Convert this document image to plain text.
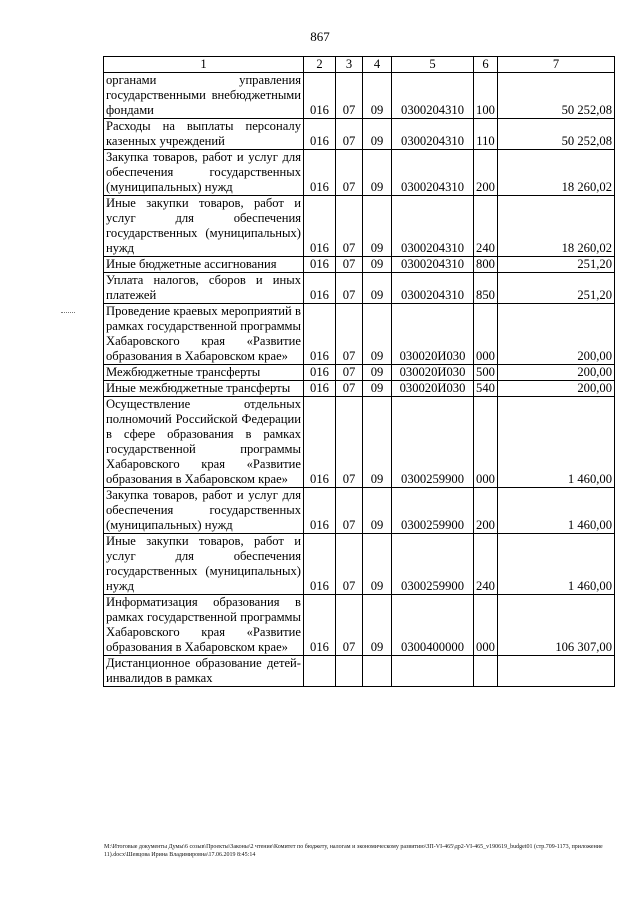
867
1	2	3	4	5	6	7
органами управления государственными внебюджетными фондами	016	07	09	0300204310	100	50 252,08
Расходы на выплаты персоналу казенных учреждений	016	07	09	0300204310	110	50 252,08
Закупка товаров, работ и услуг для обеспечения государственных (муниципальных) нужд	016	07	09	0300204310	200	18 260,02
Иные закупки товаров, работ и услуг для обеспечения государственных (муниципальных) нужд	016	07	09	0300204310	240	18 260,02
Иные бюджетные ассигнования	016	07	09	0300204310	800	251,20
Уплата налогов, сборов и иных платежей	016	07	09	0300204310	850	251,20
Проведение краевых мероприятий в рамках государственной программы Хабаровского края «Развитие образования в Хабаровском крае»	016	07	09	030020И030	000	200,00
Межбюджетные трансферты	016	07	09	030020И030	500	200,00
Иные межбюджетные трансферты	016	07	09	030020И030	540	200,00
Осуществление отдельных полномочий Российской Федерации в сфере образования в рамках государственной программы Хабаровского края «Развитие образования в Хабаровском крае»	016	07	09	0300259900	000	1 460,00
Закупка товаров, работ и услуг для обеспечения государственных (муниципальных) нужд	016	07	09	0300259900	200	1 460,00
Иные закупки товаров, работ и услуг для обеспечения государственных (муниципальных) нужд	016	07	09	0300259900	240	1 460,00
Информатизация образования в рамках государственной программы Хабаровского края «Развитие образования в Хабаровском крае»	016	07	09	0300400000	000	106 307,00
Дистанционное образование детей-инвалидов в рамках						
M:\Итоговые документы Думы\6 созыв\Проекты\Законы\2 чтение\Комитет по бюджету, налогам и экономическому развитию\ЗП-VI-465\др2-VI-465_v190619_budget01 (стр.709-1173, приложение 11).docx\Шевцова Ирина Владимировна\17.06.2019 8:45:14
